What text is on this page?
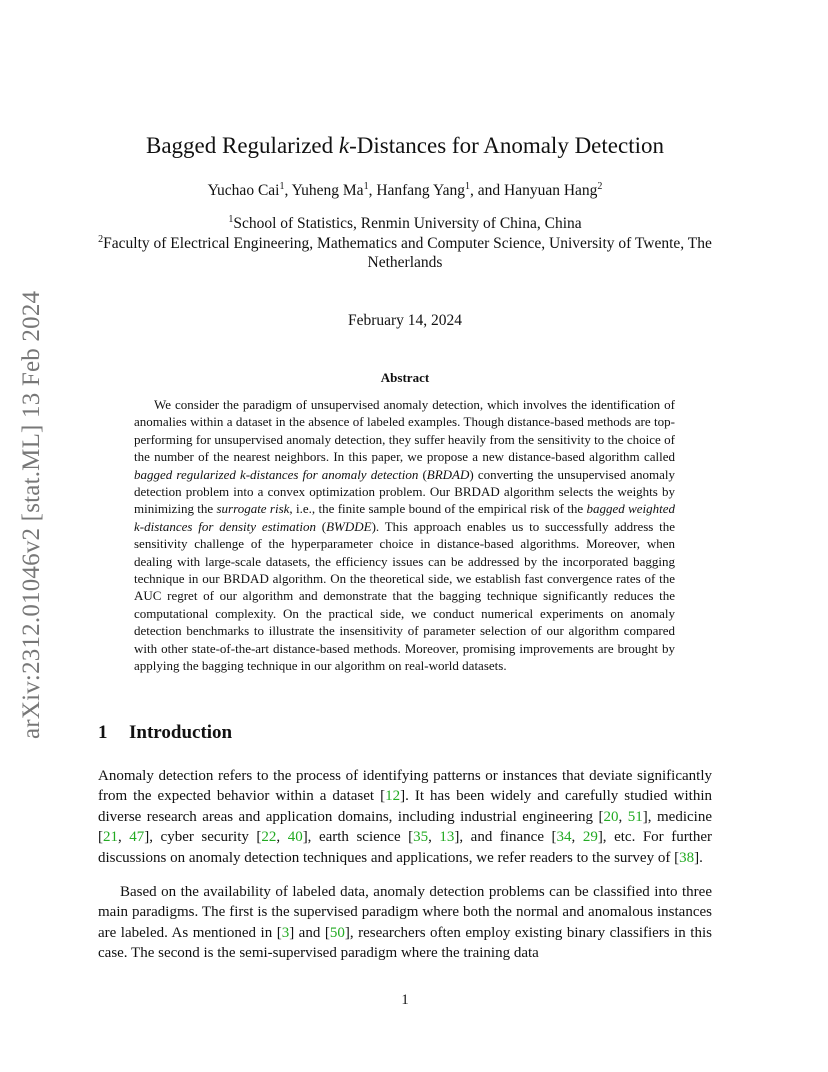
arXiv:2312.01046v2 [stat.ML] 13 Feb 2024
Bagged Regularized k-Distances for Anomaly Detection
Yuchao Cai$^1$, Yuheng Ma$^1$, Hanfang Yang$^1$, and Hanyuan Hang$^2$
$^1$School of Statistics, Renmin University of China, China
$^2$Faculty of Electrical Engineering, Mathematics and Computer Science, University of Twente, The Netherlands
February 14, 2024
Abstract
We consider the paradigm of unsupervised anomaly detection, which involves the identification of anomalies within a dataset in the absence of labeled examples. Though distance-based methods are top-performing for unsupervised anomaly detection, they suffer heavily from the sensitivity to the choice of the number of the nearest neighbors. In this paper, we propose a new distance-based algorithm called bagged regularized k-distances for anomaly detection (BRDAD) converting the unsupervised anomaly detection problem into a convex optimization problem. Our BRDAD algorithm selects the weights by minimizing the surrogate risk, i.e., the finite sample bound of the empirical risk of the bagged weighted k-distances for density estimation (BWDDE). This approach enables us to successfully address the sensitivity challenge of the hyperparameter choice in distance-based algorithms. Moreover, when dealing with large-scale datasets, the efficiency issues can be addressed by the incorporated bagging technique in our BRDAD algorithm. On the theoretical side, we establish fast convergence rates of the AUC regret of our algorithm and demonstrate that the bagging technique significantly reduces the computational complexity. On the practical side, we conduct numerical experiments on anomaly detection benchmarks to illustrate the insensitivity of parameter selection of our algorithm compared with other state-of-the-art distance-based methods. Moreover, promising improvements are brought by applying the bagging technique in our algorithm on real-world datasets.
1 Introduction
Anomaly detection refers to the process of identifying patterns or instances that deviate significantly from the expected behavior within a dataset [12]. It has been widely and carefully studied within diverse research areas and application domains, including industrial engineering [20, 51], medicine [21, 47], cyber security [22, 40], earth science [35, 13], and finance [34, 29], etc. For further discussions on anomaly detection techniques and applications, we refer readers to the survey of [38].
Based on the availability of labeled data, anomaly detection problems can be classified into three main paradigms. The first is the supervised paradigm where both the normal and anomalous instances are labeled. As mentioned in [3] and [50], researchers often employ existing binary classifiers in this case. The second is the semi-supervised paradigm where the training data
1
